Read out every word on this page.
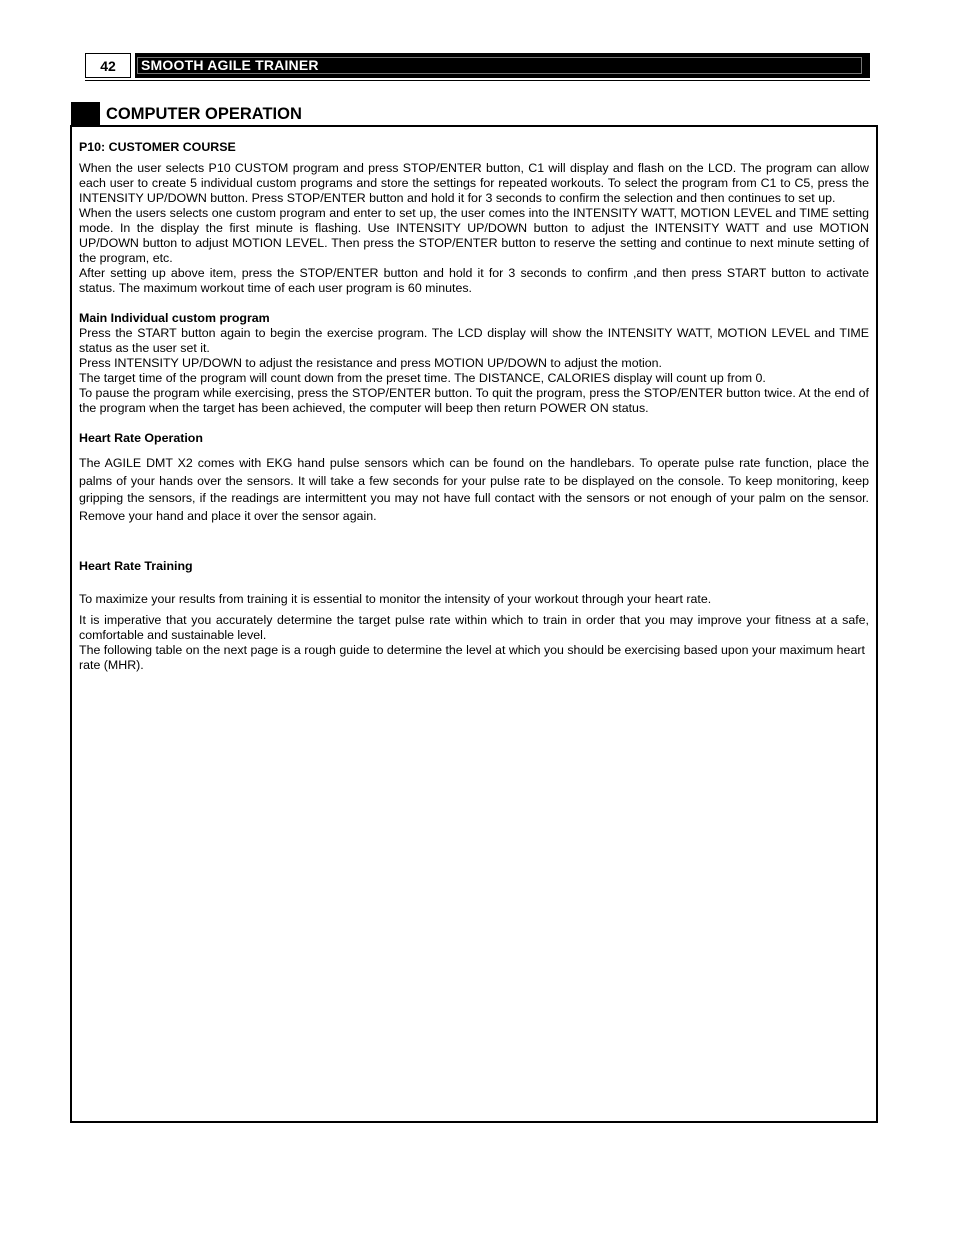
42	SMOOTH AGILE TRAINER
COMPUTER OPERATION
P10: CUSTOMER COURSE

When the user selects P10 CUSTOM program and press STOP/ENTER button, C1 will display and flash on the LCD. The program can allow each user to create 5 individual custom programs and store the settings for repeated workouts. To select the program from C1 to C5, press the INTENSITY UP/DOWN button. Press STOP/ENTER button and hold it for 3 seconds to confirm the selection and then continues to set up.

When the users selects one custom program and enter to set up, the user comes into the INTENSITY WATT, MOTION LEVEL and TIME setting mode. In the display the first minute is flashing. Use INTENSITY UP/DOWN button to adjust the INTENSITY WATT and use MOTION UP/DOWN button to adjust MOTION LEVEL. Then press the STOP/ENTER button to reserve the setting and continue to next minute setting of the program, etc.

After setting up above item, press the STOP/ENTER button and hold it for 3 seconds to confirm ,and then press START button to activate status. The maximum workout time of each user program is 60 minutes.

Main Individual custom program

Press the START button again to begin the exercise program. The LCD display will show the INTENSITY WATT, MOTION LEVEL and TIME status as the user set it.

Press INTENSITY UP/DOWN to adjust the resistance and press MOTION UP/DOWN to adjust the motion.

The target time of the program will count down from the preset time. The DISTANCE, CALORIES display will count up from 0.

To pause the program while exercising, press the STOP/ENTER button. To quit the program, press the STOP/ENTER button twice. At the end of the program when the target has been achieved, the computer will beep then return POWER ON status.

Heart Rate Operation

The AGILE DMT X2 comes with EKG hand pulse sensors which can be found on the handlebars. To operate pulse rate function, place the palms of your hands over the sensors. It will take a few seconds for your pulse rate to be displayed on the console. To keep monitoring, keep gripping the sensors, if the readings are intermittent you may not have full contact with the sensors or not enough of your palm on the sensor. Remove your hand and place it over the sensor again.

Heart Rate Training

To maximize your results from training it is essential to monitor the intensity of your workout through your heart rate.

It is imperative that you accurately determine the target pulse rate within which to train in order that you may improve your fitness at a safe, comfortable and sustainable level.

The following table on the next page is a rough guide to determine the level at which you should be exercising based upon your maximum heart rate (MHR).
